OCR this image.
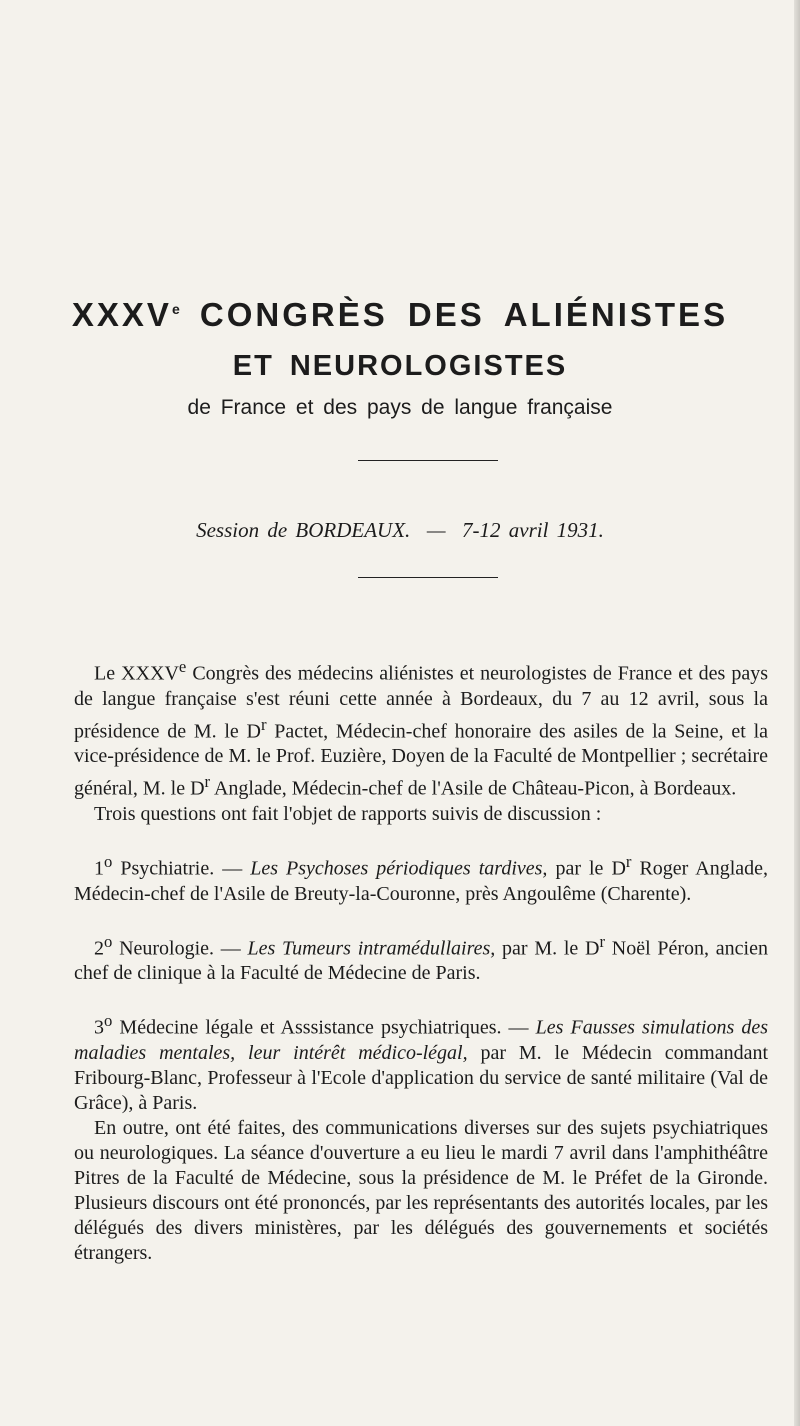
XXXVe CONGRÈS DES ALIÉNISTES
ET NEUROLOGISTES
de France et des pays de langue française
Session de BORDEAUX. — 7-12 avril 1931.

Le XXXVe Congrès des médecins aliénistes et neurologistes de France et des pays de langue française s'est réuni cette année à Bordeaux, du 7 au 12 avril, sous la présidence de M. le $D^r$ Pactet, Médecin-chef honoraire des asiles de la Seine, et la vice-présidence de M. le Prof. Euzière, Doyen de la Faculté de Montpellier ; secrétaire général, M. le $D^r$ Anglade, Médecin-chef de l'Asile de Château-Picon, à Bordeaux.

Trois questions ont fait l'objet de rapports suivis de discussion :

1$^o$ Psychiatrie. — Les Psychoses périodiques tardives, par le $D^r$ Roger Anglade, Médecin-chef de l'Asile de Breuty-la-Couronne, près Angoulême (Charente).

2$^o$ Neurologie. — Les Tumeurs intramédullaires, par M. le $D^r$ Noël Péron, ancien chef de clinique à la Faculté de Médecine de Paris.

3$^o$ Médecine légale et Asssistance psychiatriques. — Les Fausses simulations des maladies mentales, leur intérêt médico-légal, par M. le Médecin commandant Fribourg-Blanc, Professeur à l'Ecole d'application du service de santé militaire (Val de Grâce), à Paris.

En outre, ont été faites, des communications diverses sur des sujets psychiatriques ou neurologiques. La séance d'ouverture a eu lieu le mardi 7 avril dans l'amphithéâtre Pitres de la Faculté de Médecine, sous la présidence de M. le Préfet de la Gironde. Plusieurs discours ont été prononcés, par les représentants des autorités locales, par les délégués des divers ministères, par les délégués des gouvernements et sociétés étrangers.
